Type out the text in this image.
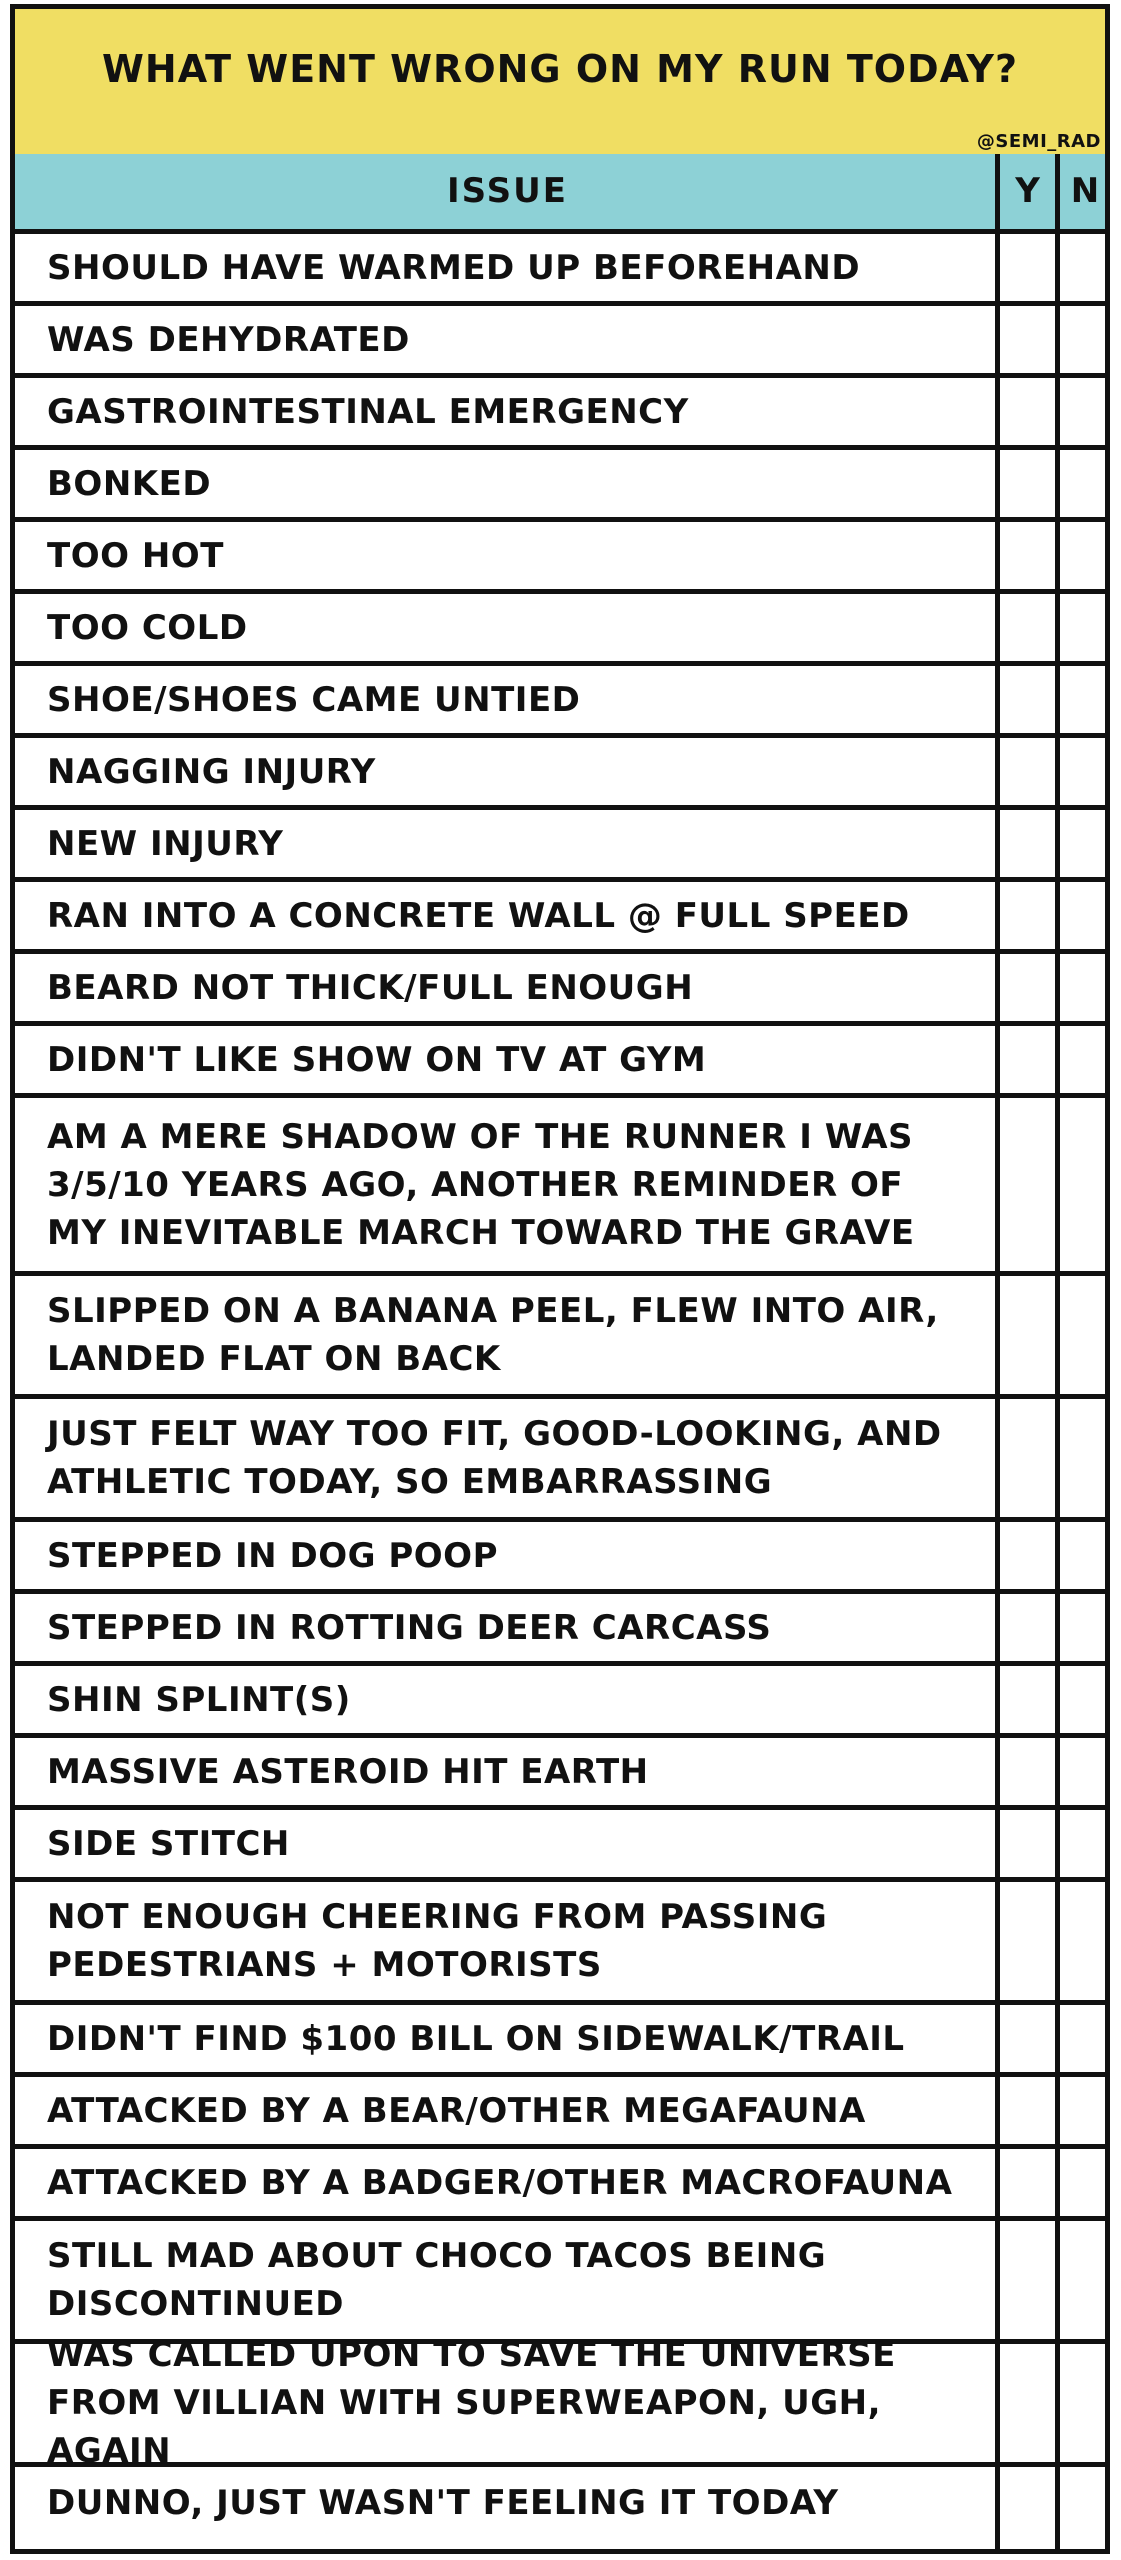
WHAT WENT WRONG ON MY RUN TODAY?
@SEMI_RAD
ISSUE	Y N
SHOULD HAVE WARMED UP BEFOREHAND
WAS DEHYDRATED
GASTROINTESTINAL EMERGENCY
BONKED
TOO HOT
TOO COLD
SHOE/SHOES CAME UNTIED
NAGGING INJURY
NEW INJURY
RAN INTO A CONCRETE WALL @ FULL SPEED
BEARD NOT THICK/FULL ENOUGH
DIDN'T LIKE SHOW ON TV AT GYM
AM A MERE SHADOW OF THE RUNNER I WAS
3/5/10 YEARS AGO, ANOTHER REMINDER OF
MY INEVITABLE MARCH TOWARD THE GRAVE
SLIPPED ON A BANANA PEEL, FLEW INTO AIR,
LANDED FLAT ON BACK
JUST FELT WAY TOO FIT, GOOD-LOOKING, AND
ATHLETIC TODAY, SO EMBARRASSING
STEPPED IN DOG POOP
STEPPED IN ROTTING DEER CARCASS
SHIN SPLINT(S)
MASSIVE ASTEROID HIT EARTH
SIDE STITCH
NOT ENOUGH CHEERING FROM PASSING
PEDESTRIANS + MOTORISTS
DIDN'T FIND $100 BILL ON SIDEWALK/TRAIL
ATTACKED BY A BEAR/OTHER MEGAFAUNA
ATTACKED BY A BADGER/OTHER MACROFAUNA
STILL MAD ABOUT CHOCO TACOS BEING
DISCONTINUED
WAS CALLED UPON TO SAVE THE UNIVERSE
FROM VILLIAN WITH SUPERWEAPON, UGH, AGAIN
DUNNO, JUST WASN'T FEELING IT TODAY
